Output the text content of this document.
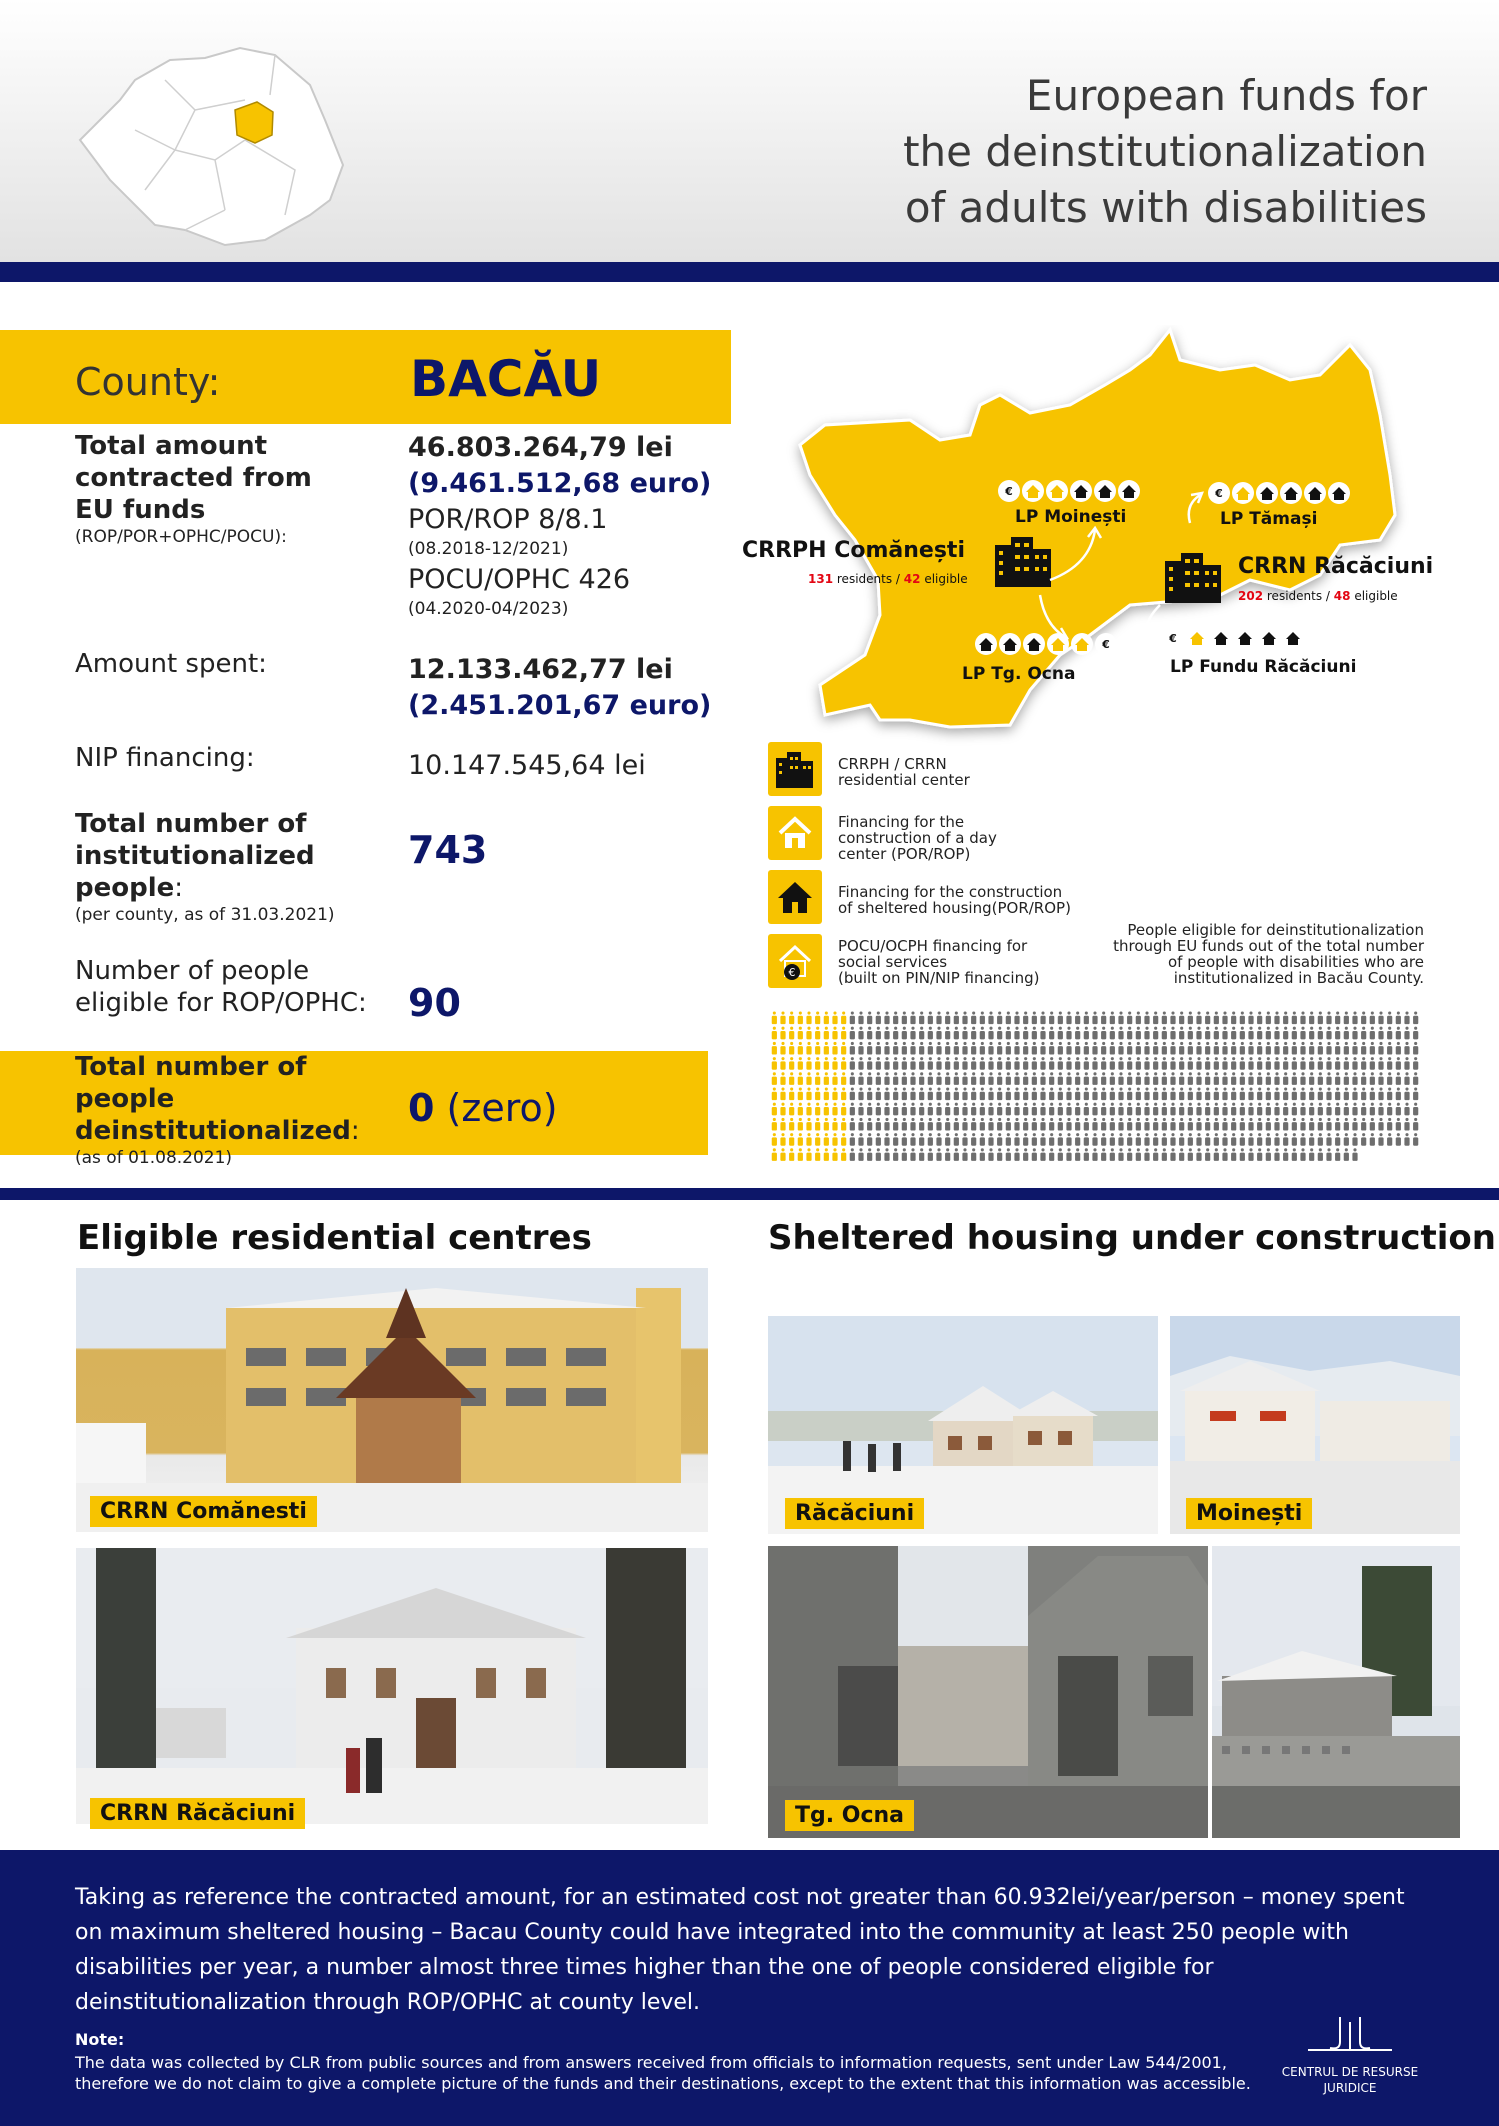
European funds for
the deinstitutionalization
of adults with disabilities
County:	BACĂU
Total amount contracted from EU funds
(ROP/POR+OPHC/POCU):
46.803.264,79 lei
(9.461.512,68 euro)
POR/ROP 8/8.1
(08.2018-12/2021)
POCU/OPHC 426
(04.2020-04/2023)
Amount spent:	12.133.462,77 lei
(2.451.201,67 euro)
NIP financing:	10.147.545,64 lei
Total number of institutionalized people:
(per county, as of 31.03.2021)
743
Number of people
eligible for ROP/OPHC: 90
Total number of people deinstitutionalized:
(as of 01.08.2021)
0 (zero)
CRRPH Comănești
131 residents / 42 eligible	CRRN Răcăciuni
202 residents / 48 eligible
€	€
€	€
LP Moinești	LP Tămași
LP Tg. Ocna	LP Fundu Răcăciuni
CRRPH / CRRN
residential center
Financing for the
construction of a day
center (POR/ROP)
Financing for the construction
of sheltered housing(POR/ROP)
€
POCU/OCPH financing for
social services
(built on PIN/NIP financing)
People eligible for deinstitutionalization through EU funds out of the total number of people with disabilities who are institutionalized in Bacău County.
Eligible residential centres	Sheltered housing under construction
CRRN Comănesti
CRRN Răcăciuni
Răcăciuni	Moinești
Tg. Ocna
Taking as reference the contracted amount, for an estimated cost not greater than 60.932lei/year/person – money spent on maximum sheltered housing – Bacau County could have integrated into the community at least 250 people with disabilities per year, a number almost three times higher than the one of people considered eligible for deinstitutionalization through ROP/OPHC at county level.
Note:
The data was collected by CLR from public sources and from answers received from officials to information requests, sent under Law 544/2001, therefore we do not claim to give a complete picture of the funds and their destinations, except to the extent that this information was accessible.
CENTRUL DE RESURSE
JURIDICE
